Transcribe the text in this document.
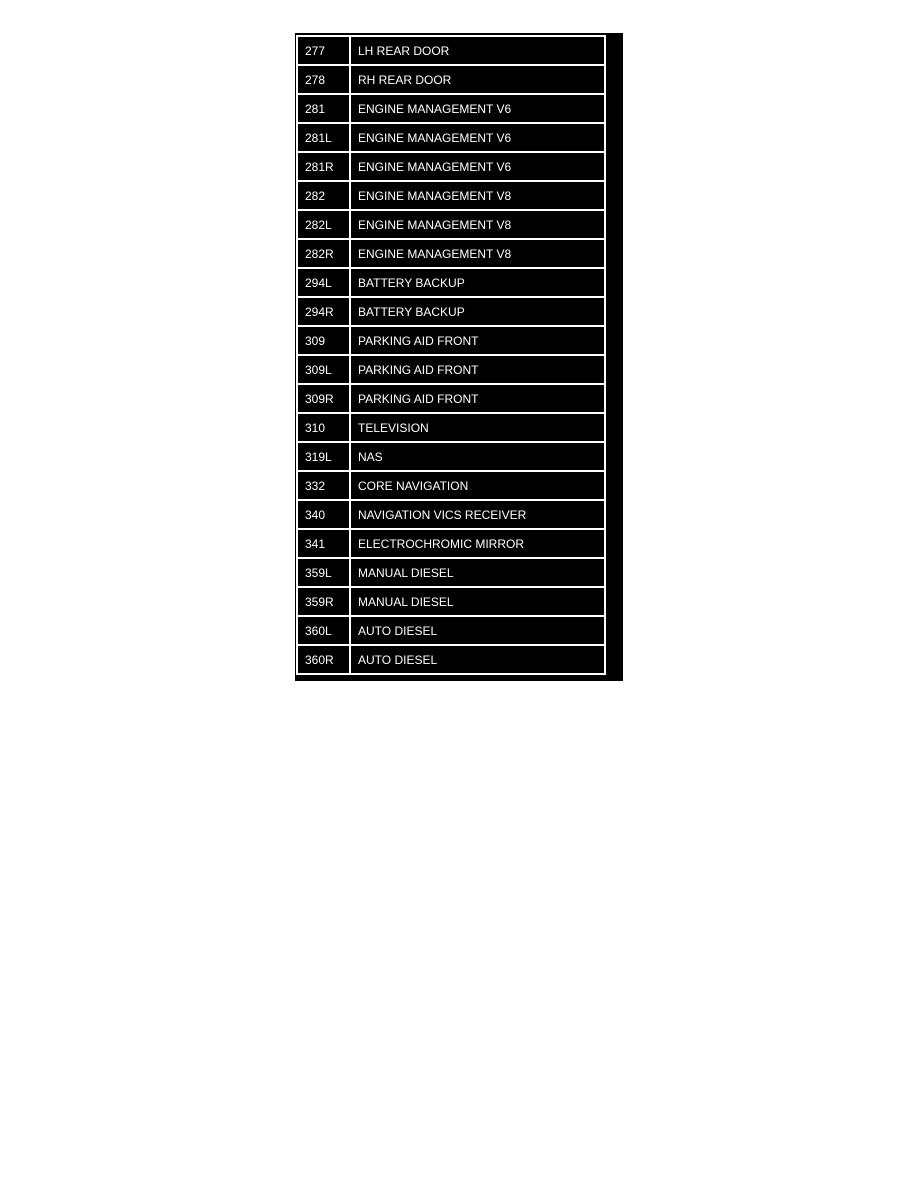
277	LH REAR DOOR
278	RH REAR DOOR
281	ENGINE MANAGEMENT V6
281L	ENGINE MANAGEMENT V6
281R	ENGINE MANAGEMENT V6
282	ENGINE MANAGEMENT V8
282L	ENGINE MANAGEMENT V8
282R	ENGINE MANAGEMENT V8
294L	BATTERY BACKUP
294R	BATTERY BACKUP
309	PARKING AID FRONT
309L	PARKING AID FRONT
309R	PARKING AID FRONT
310	TELEVISION
319L	NAS
332	CORE NAVIGATION
340	NAVIGATION VICS RECEIVER
341	ELECTROCHROMIC MIRROR
359L	MANUAL DIESEL
359R	MANUAL DIESEL
360L	AUTO DIESEL
360R	AUTO DIESEL
